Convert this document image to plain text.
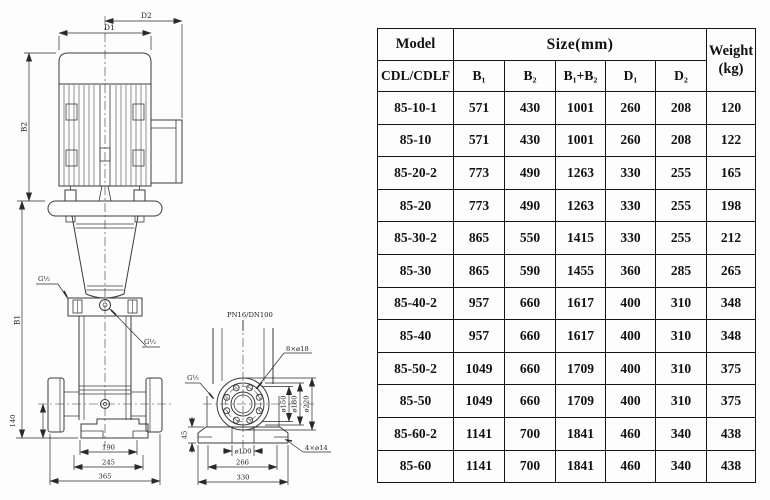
D2
D1
B2
B1
140
190
245
365
G½
G½
PN16/DN100
8×ø18
G½
ø150 ø180 ø220
45
ø100	4×ø14
266
330
Model	Size(mm)					Weight
(kg)
CDL/CDLF	B₁	B₂	B₁+B₂	D₁	D₂	
85-10-1	571	430	1001	260	208	120
85-10	571	430	1001	260	208	122
85-20-2	773	490	1263	330	255	165
85-20	773	490	1263	330	255	198
85-30-2	865	550	1415	330	255	212
85-30	865	590	1455	360	285	265
85-40-2	957	660	1617	400	310	348
85-40	957	660	1617	400	310	348
85-50-2	1049	660	1709	400	310	375
85-50	1049	660	1709	400	310	375
85-60-2	1141	700	1841	460	340	438
85-60	1141	700	1841	460	340	438
